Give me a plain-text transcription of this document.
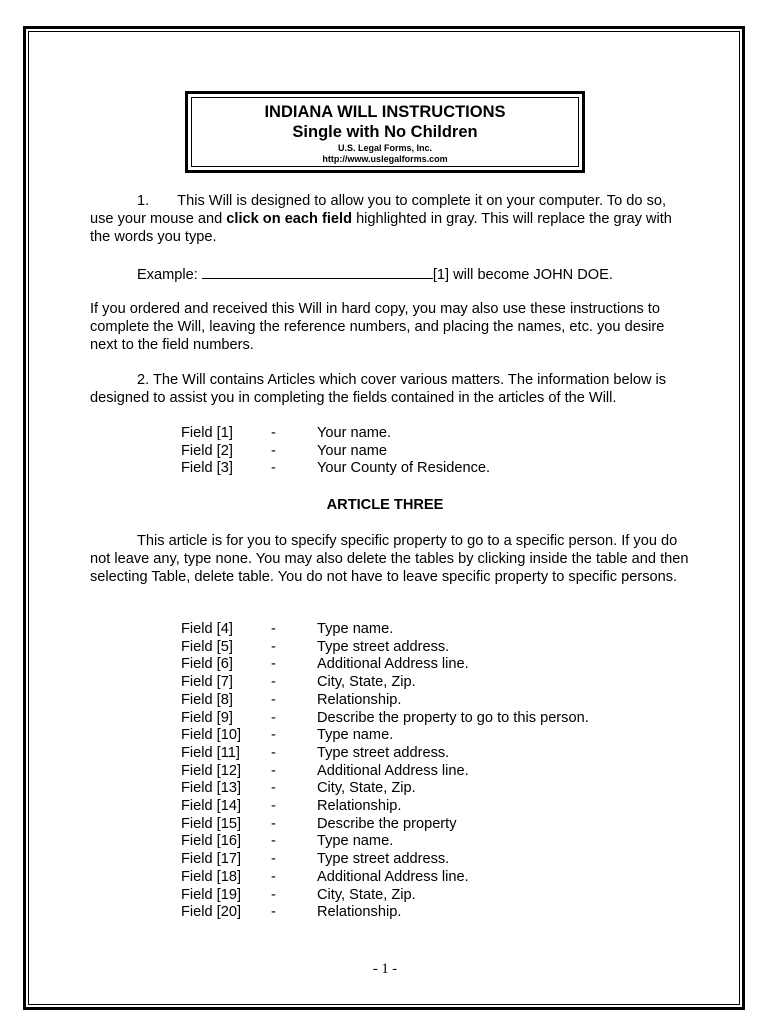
INDIANA WILL INSTRUCTIONS
Single with No Children
U.S. Legal Forms, Inc.
http://www.uslegalforms.com

1. This Will is designed to allow you to complete it on your computer. To do so, use your mouse and click on each field highlighted in gray. This will replace the gray with the words you type.

Example:	[1] will become JOHN DOE.

If you ordered and received this Will in hard copy, you may also use these instructions to complete the Will, leaving the reference numbers, and placing the names, etc. you desire next to the field numbers.

2. The Will contains Articles which cover various matters. The information below is designed to assist you in completing the fields contained in the articles of the Will.

Field [1]	-	Your name.
Field [2]	-	Your name
Field [3]	-	Your County of Residence.
ARTICLE THREE

This article is for you to specify specific property to go to a specific person. If you do not leave any, type none. You may also delete the tables by clicking inside the table and then selecting Table, delete table. You do not have to leave specific property to specific persons.

Field [4]	-	Type name.
Field [5]	-	Type street address.
Field [6]	-	Additional Address line.
Field [7]	-	City, State, Zip.
Field [8]	-	Relationship.
Field [9]	-	Describe the property to go to this person.
Field [10]	-	Type name.
Field [11]	-	Type street address.
Field [12]	-	Additional Address line.
Field [13]	-	City, State, Zip.
Field [14]	-	Relationship.
Field [15]	-	Describe the property
Field [16]	-	Type name.
Field [17]	-	Type street address.
Field [18]	-	Additional Address line.
Field [19]	-	City, State, Zip.
Field [20]	-	Relationship.
- 1 -
